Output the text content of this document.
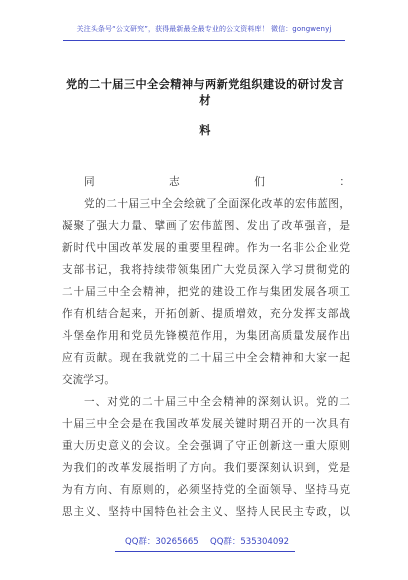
关注头条号“公文研究”，获得最新最全最专业的公文资料库！ 微信：gongwenyj
党的二十届三中全会精神与两新党组织建设的研讨发言材
料
同志们：
党的二十届三中全会绘就了全面深化改革的宏伟蓝图，
凝聚了强大力量、擘画了宏伟蓝图、发出了改革强音，是
新时代中国改革发展的重要里程碑。作为一名非公企业党
支部书记，我将持续带领集团广大党员深入学习贯彻党的
二十届三中全会精神，把党的建设工作与集团发展各项工
作有机结合起来，开拓创新、提质增效，充分发挥支部战
斗堡垒作用和党员先锋模范作用，为集团高质量发展作出
应有贡献。现在我就党的二十届三中全会精神和大家一起
交流学习。
一、对党的二十届三中全会精神的深刻认识。党的二
十届三中全会是在我国改革发展关键时期召开的一次具有
重大历史意义的会议。全会强调了守正创新这一重大原则
为我们的改革发展指明了方向。我们要深刻认识到，党是
为有方向、有原则的，必须坚持党的全面领导、坚持马克
思主义、坚持中国特色社会主义、坚持人民民主专政，以
QQ群：30265665 QQ群：535304092
